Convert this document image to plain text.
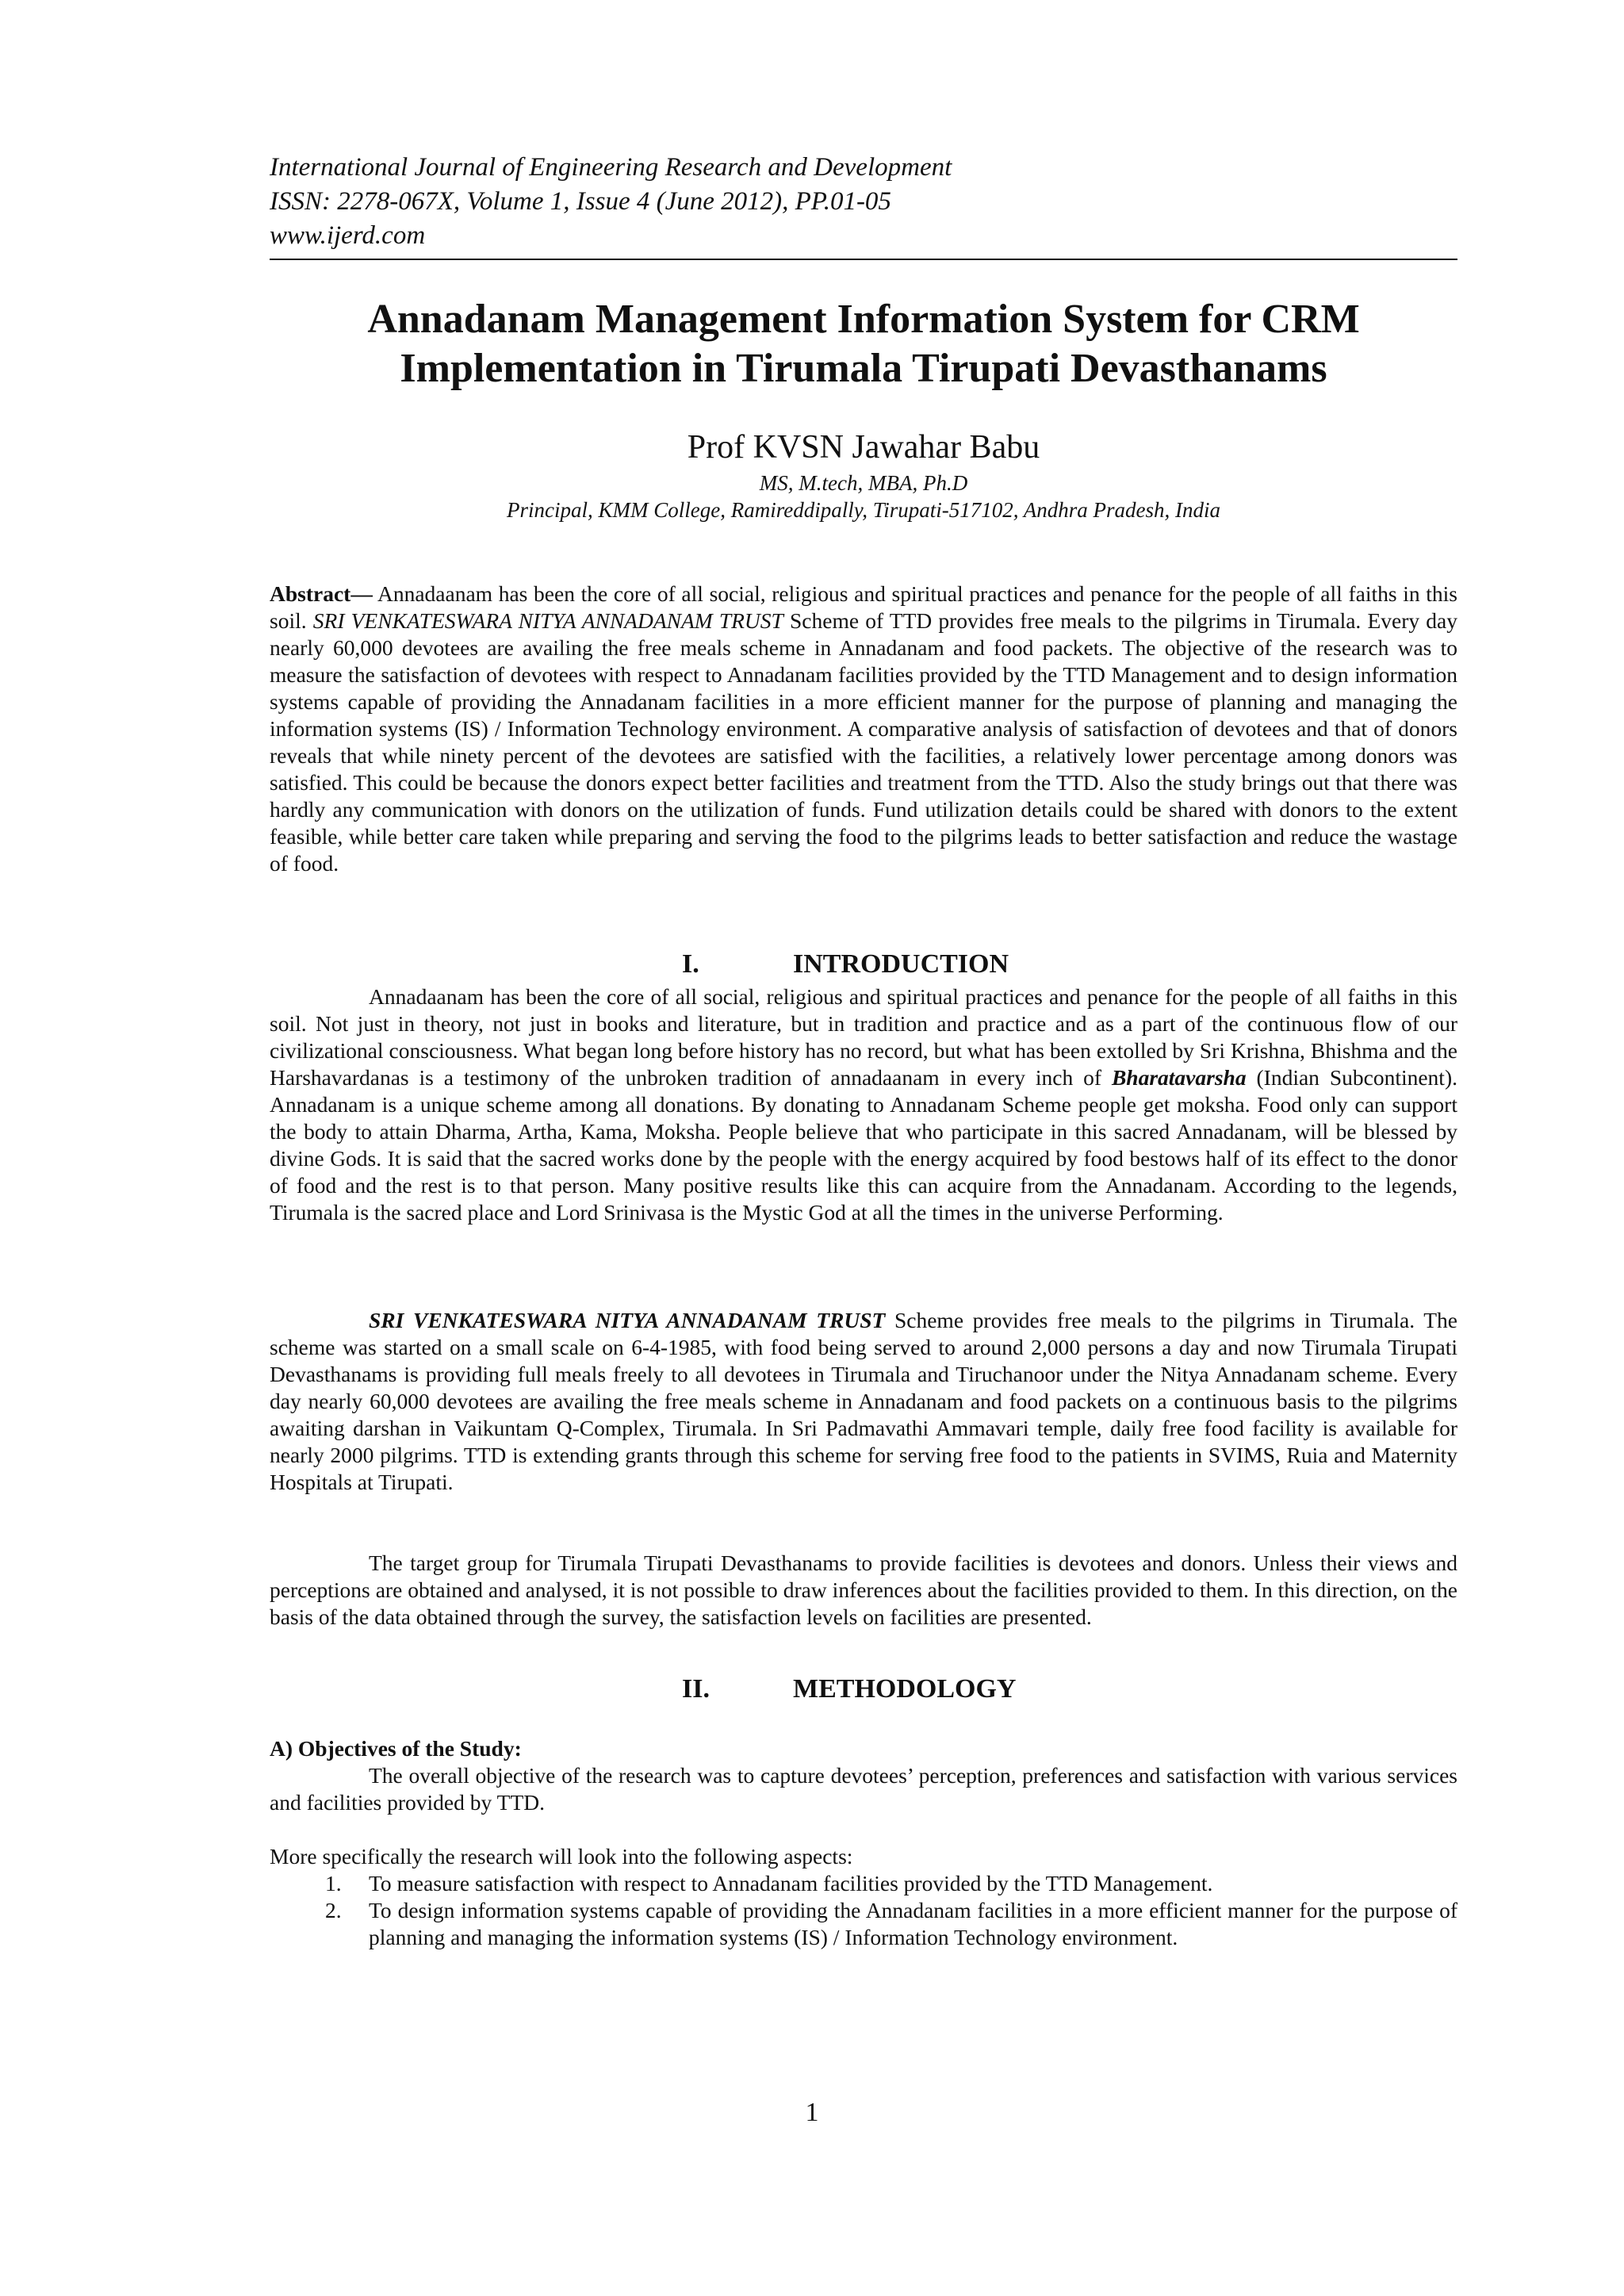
International Journal of Engineering Research and Development
ISSN: 2278-067X, Volume 1, Issue 4 (June 2012), PP.01-05
www.ijerd.com
Annadanam Management Information System for CRM
Implementation in Tirumala Tirupati Devasthanams
Prof KVSN Jawahar Babu
MS, M.tech, MBA, Ph.D
Principal, KMM College, Ramireddipally, Tirupati-517102, Andhra Pradesh, India
Abstract— Annadaanam has been the core of all social, religious and spiritual practices and penance for the people of all faiths in this soil. SRI VENKATESWARA NITYA ANNADANAM TRUST Scheme of TTD provides free meals to the pilgrims in Tirumala. Every day nearly 60,000 devotees are availing the free meals scheme in Annadanam and food packets. The objective of the research was to measure the satisfaction of devotees with respect to Annadanam facilities provided by the TTD Management and to design information systems capable of providing the Annadanam facilities in a more efficient manner for the purpose of planning and managing the information systems (IS) / Information Technology environment. A comparative analysis of satisfaction of devotees and that of donors reveals that while ninety percent of the devotees are satisfied with the facilities, a relatively lower percentage among donors was satisfied. This could be because the donors expect better facilities and treatment from the TTD. Also the study brings out that there was hardly any communication with donors on the utilization of funds. Fund utilization details could be shared with donors to the extent feasible, while better care taken while preparing and serving the food to the pilgrims leads to better satisfaction and reduce the wastage of food.
I.	INTRODUCTION
Annadaanam has been the core of all social, religious and spiritual practices and penance for the people of all faiths in this soil. Not just in theory, not just in books and literature, but in tradition and practice and as a part of the continuous flow of our civilizational consciousness. What began long before history has no record, but what has been extolled by Sri Krishna, Bhishma and the Harshavardanas is a testimony of the unbroken tradition of annadaanam in every inch of Bharatavarsha (Indian Subcontinent). Annadanam is a unique scheme among all donations. By donating to Annadanam Scheme people get moksha. Food only can support the body to attain Dharma, Artha, Kama, Moksha. People believe that who participate in this sacred Annadanam, will be blessed by divine Gods. It is said that the sacred works done by the people with the energy acquired by food bestows half of its effect to the donor of food and the rest is to that person. Many positive results like this can acquire from the Annadanam. According to the legends, Tirumala is the sacred place and Lord Srinivasa is the Mystic God at all the times in the universe Performing.
SRI VENKATESWARA NITYA ANNADANAM TRUST Scheme provides free meals to the pilgrims in Tirumala. The scheme was started on a small scale on 6-4-1985, with food being served to around 2,000 persons a day and now Tirumala Tirupati Devasthanams is providing full meals freely to all devotees in Tirumala and Tiruchanoor under the Nitya Annadanam scheme. Every day nearly 60,000 devotees are availing the free meals scheme in Annadanam and food packets on a continuous basis to the pilgrims awaiting darshan in Vaikuntam Q-Complex, Tirumala. In Sri Padmavathi Ammavari temple, daily free food facility is available for nearly 2000 pilgrims. TTD is extending grants through this scheme for serving free food to the patients in SVIMS, Ruia and Maternity Hospitals at Tirupati.
The target group for Tirumala Tirupati Devasthanams to provide facilities is devotees and donors. Unless their views and perceptions are obtained and analysed, it is not possible to draw inferences about the facilities provided to them. In this direction, on the basis of the data obtained through the survey, the satisfaction levels on facilities are presented.
II.	METHODOLOGY
A) Objectives of the Study:
The overall objective of the research was to capture devotees’ perception, preferences and satisfaction with various services and facilities provided by TTD.
More specifically the research will look into the following aspects:
1. To measure satisfaction with respect to Annadanam facilities provided by the TTD Management.
2. To design information systems capable of providing the Annadanam facilities in a more efficient manner for the purpose of planning and managing the information systems (IS) / Information Technology environment.
1
